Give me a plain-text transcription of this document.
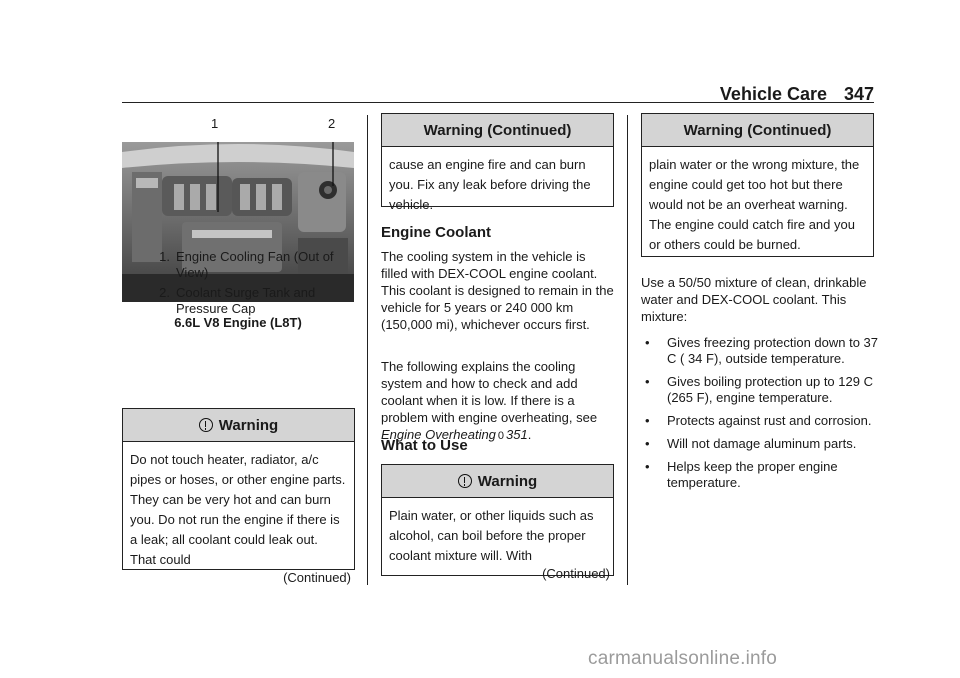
Vehicle Care 347
1	2
6.6L V8 Engine (L8T)
1. Engine Cooling Fan (Out of View)
2. Coolant Surge Tank and Pressure Cap
Warning
Do not touch heater, radiator, a/c pipes or hoses, or other engine parts. They can be very hot and can burn you. Do not run the engine if there is a leak; all coolant could leak out. That could
(Continued)
Warning (Continued)
cause an engine fire and can burn you. Fix any leak before driving the vehicle.
Engine Coolant
The cooling system in the vehicle is filled with DEX-COOL engine coolant. This coolant is designed to remain in the vehicle for 5 years or 240 000 km (150,000 mi), whichever occurs first.
The following explains the cooling system and how to check and add coolant when it is low. If there is a problem with engine overheating, see Engine Overheating 0 351.
What to Use
Warning
Plain water, or other liquids such as alcohol, can boil before the proper coolant mixture will. With
(Continued)
Warning (Continued)
plain water or the wrong mixture, the engine could get too hot but there would not be an overheat warning. The engine could catch fire and you or others could be burned.
Use a 50/50 mixture of clean, drinkable water and DEX-COOL coolant. This mixture:
•	Gives freezing protection down to 37 C ( 34 F), outside temperature.
•	Gives boiling protection up to 129 C (265 F), engine temperature.
•	Protects against rust and corrosion.
•	Will not damage aluminum parts.
•	Helps keep the proper engine temperature.
carmanualsonline.info
